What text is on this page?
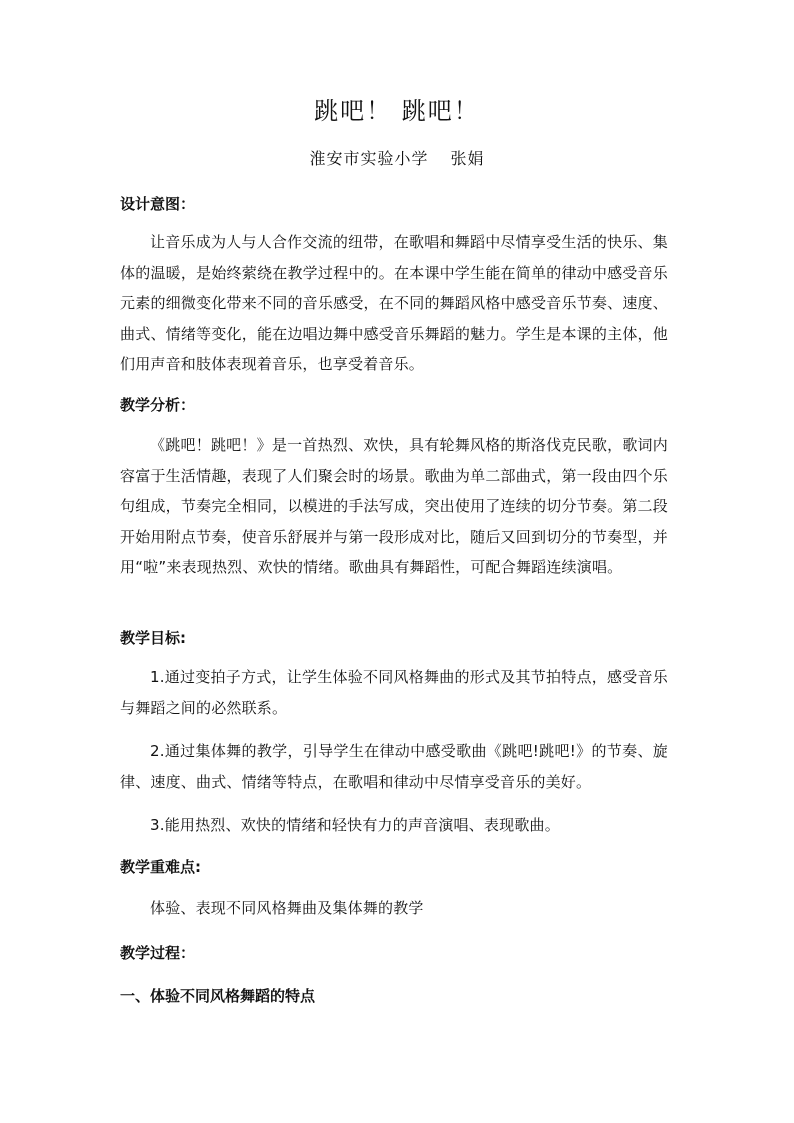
跳吧！ 跳吧！
淮安市实验小学 张娟
设计意图：
让音乐成为人与人合作交流的纽带，在歌唱和舞蹈中尽情享受生活的快乐、集体的温暖，是始终萦绕在教学过程中的。在本课中学生能在简单的律动中感受音乐元素的细微变化带来不同的音乐感受，在不同的舞蹈风格中感受音乐节奏、速度、曲式、情绪等变化，能在边唱边舞中感受音乐舞蹈的魅力。学生是本课的主体，他们用声音和肢体表现着音乐，也享受着音乐。
教学分析：
《跳吧！跳吧！》是一首热烈、欢快，具有轮舞风格的斯洛伐克民歌，歌词内容富于生活情趣，表现了人们聚会时的场景。歌曲为单二部曲式，第一段由四个乐句组成，节奏完全相同，以模进的手法写成，突出使用了连续的切分节奏。第二段开始用附点节奏，使音乐舒展并与第一段形成对比，随后又回到切分的节奏型，并用“啦”来表现热烈、欢快的情绪。歌曲具有舞蹈性，可配合舞蹈连续演唱。
教学目标:
1.通过变拍子方式，让学生体验不同风格舞曲的形式及其节拍特点，感受音乐与舞蹈之间的必然联系。
2.通过集体舞的教学，引导学生在律动中感受歌曲《跳吧!跳吧!》的节奏、旋律、速度、曲式、情绪等特点，在歌唱和律动中尽情享受音乐的美好。
3.能用热烈、欢快的情绪和轻快有力的声音演唱、表现歌曲。
教学重难点:
体验、表现不同风格舞曲及集体舞的教学
教学过程：
一、体验不同风格舞蹈的特点
